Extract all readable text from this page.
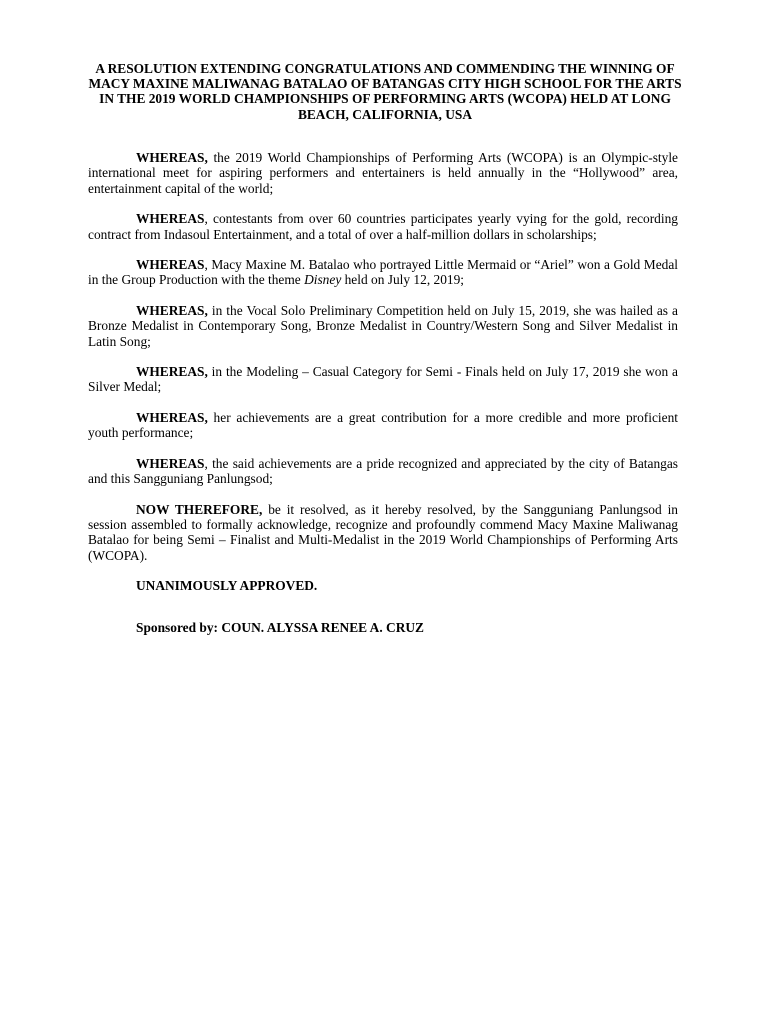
A RESOLUTION EXTENDING CONGRATULATIONS AND COMMENDING THE WINNING OF MACY MAXINE MALIWANAG BATALAO OF BATANGAS CITY HIGH SCHOOL FOR THE ARTS IN THE 2019 WORLD CHAMPIONSHIPS OF PERFORMING ARTS (WCOPA) HELD AT LONG BEACH, CALIFORNIA, USA

WHEREAS, the 2019 World Championships of Performing Arts (WCOPA) is an Olympic-style international meet for aspiring performers and entertainers is held annually in the “Hollywood” area, entertainment capital of the world;

WHEREAS, contestants from over 60 countries participates yearly vying for the gold, recording contract from Indasoul Entertainment, and a total of over a half-million dollars in scholarships;

WHEREAS, Macy Maxine M. Batalao who portrayed Little Mermaid or “Ariel” won a Gold Medal in the Group Production with the theme Disney held on July 12, 2019;

WHEREAS, in the Vocal Solo Preliminary Competition held on July 15, 2019, she was hailed as a Bronze Medalist in Contemporary Song, Bronze Medalist in Country/Western Song and Silver Medalist in Latin Song;

WHEREAS, in the Modeling – Casual Category for Semi - Finals held on July 17, 2019 she won a Silver Medal;

WHEREAS, her achievements are a great contribution for a more credible and more proficient youth performance;

WHEREAS, the said achievements are a pride recognized and appreciated by the city of Batangas and this Sangguniang Panlungsod;

NOW THEREFORE, be it resolved, as it hereby resolved, by the Sangguniang Panlungsod in session assembled to formally acknowledge, recognize and profoundly commend Macy Maxine Maliwanag Batalao for being Semi – Finalist and Multi-Medalist in the 2019 World Championships of Performing Arts (WCOPA).

UNANIMOUSLY APPROVED.

Sponsored by: COUN. ALYSSA RENEE A. CRUZ
